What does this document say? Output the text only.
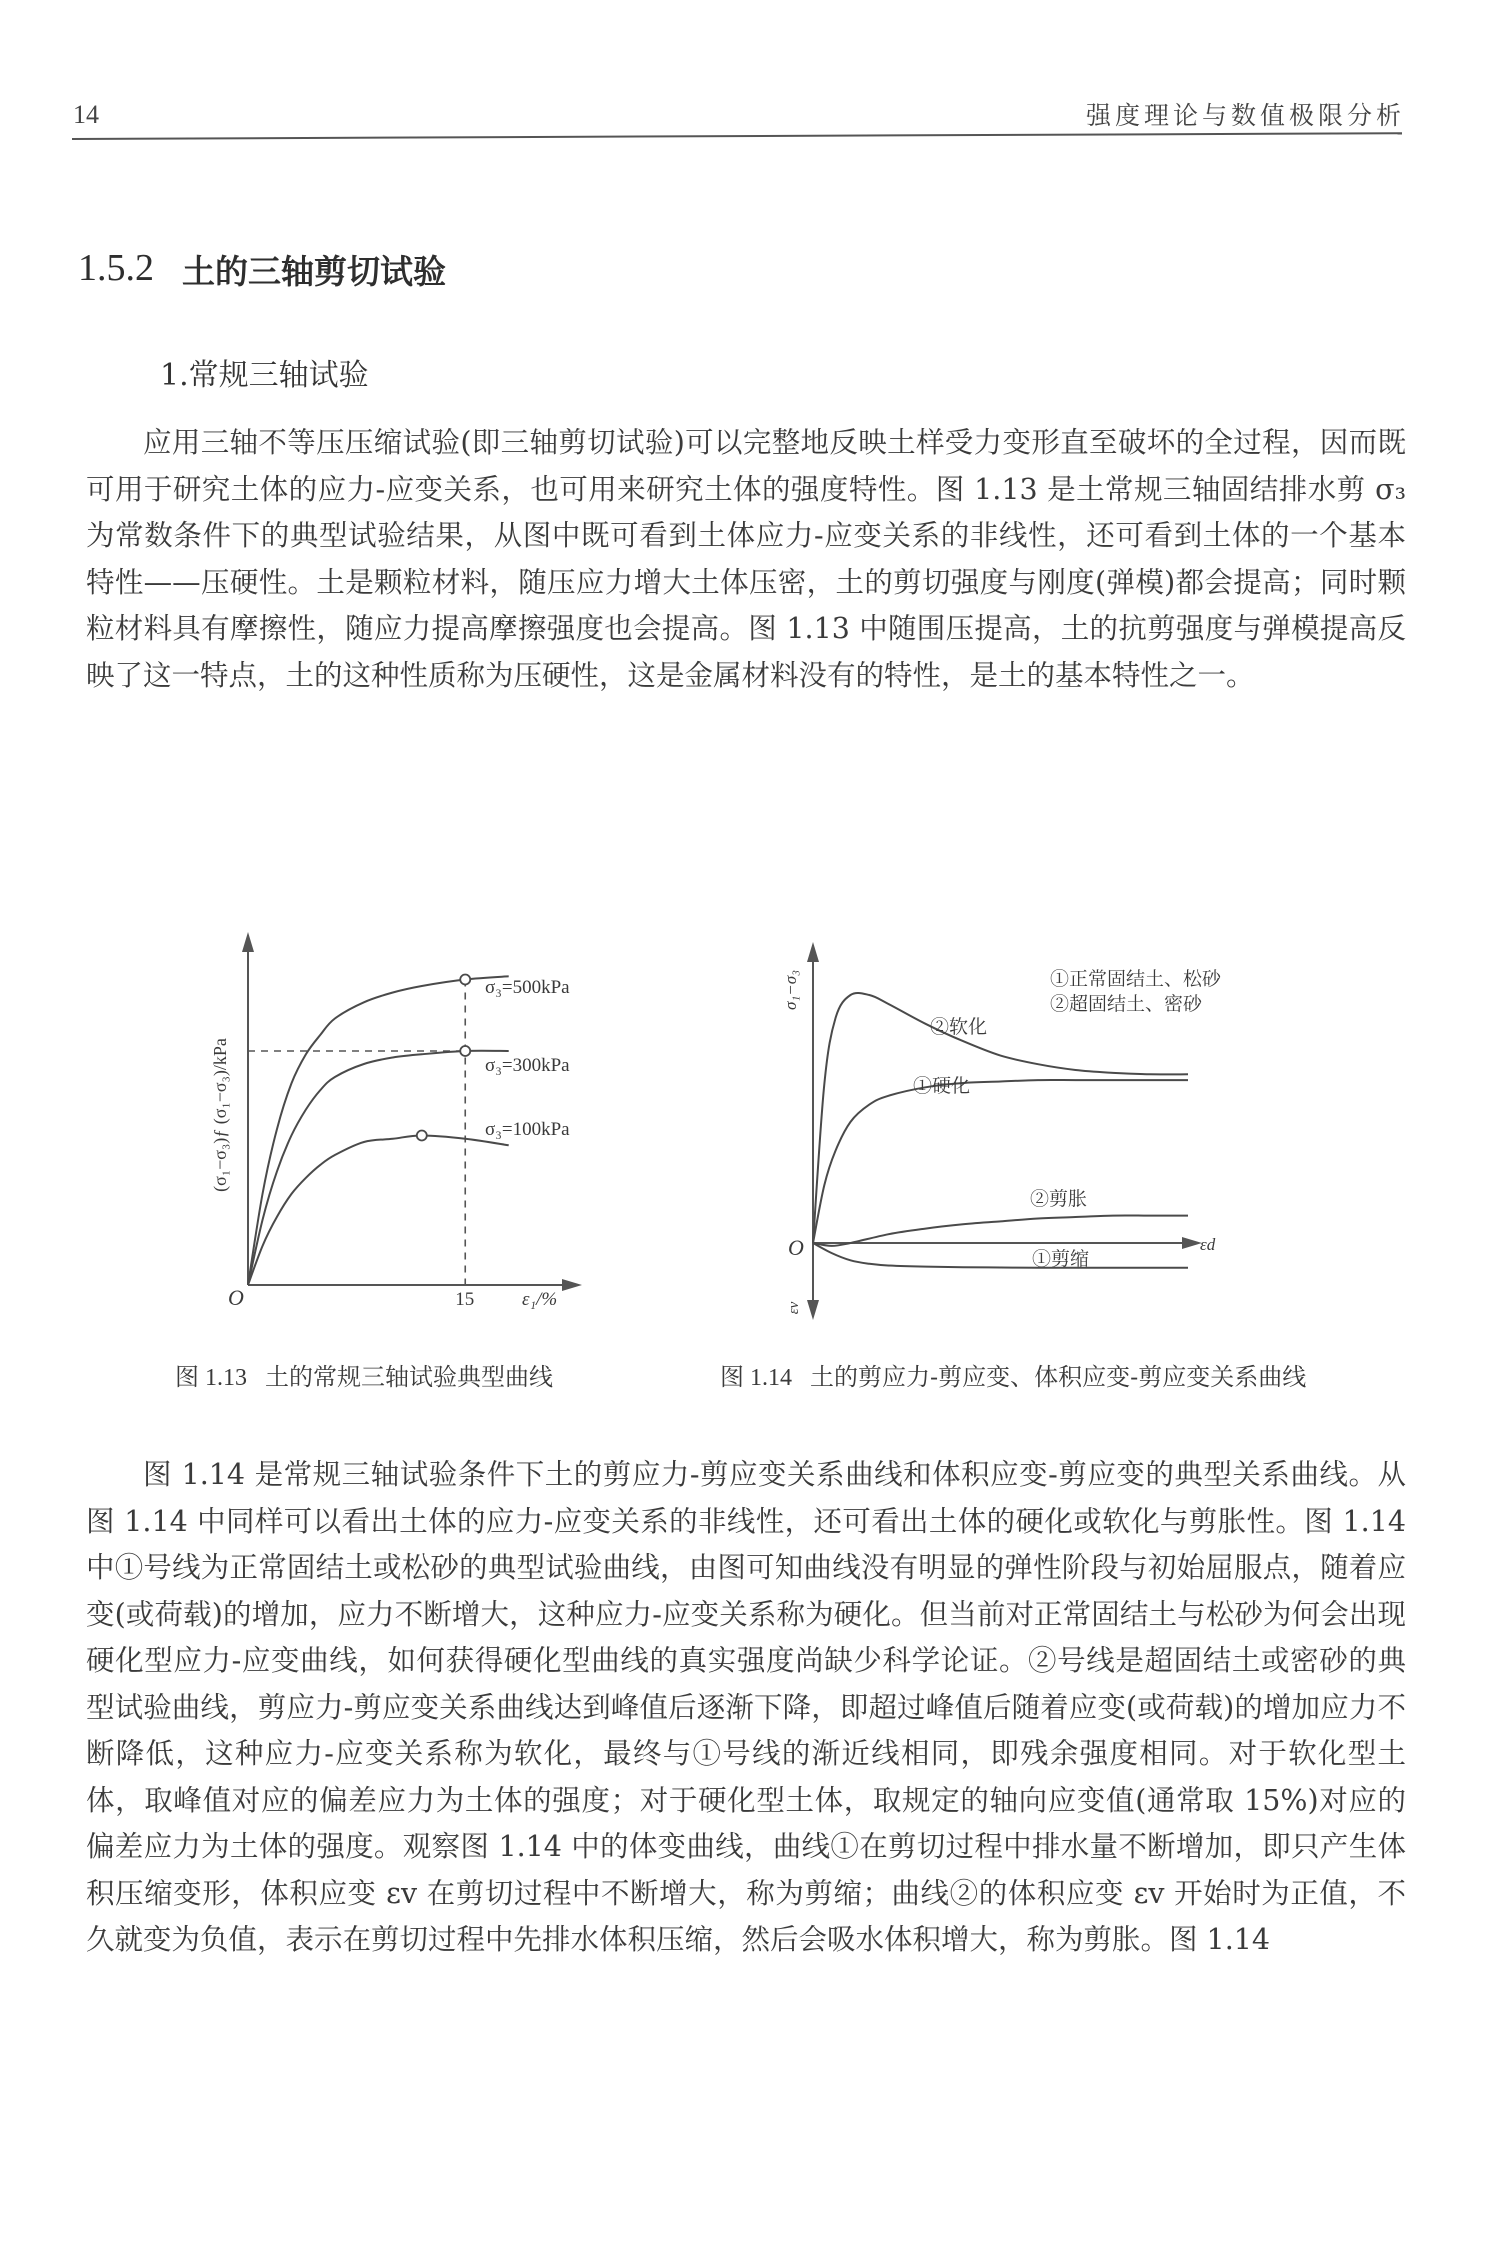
14	强度理论与数值极限分析
1.5.2 土的三轴剪切试验
1.常规三轴试验

应用三轴不等压压缩试验(即三轴剪切试验)可以完整地反映土样受力变形直至破坏的全过程，因而既可用于研究土体的应力-应变关系，也可用来研究土体的强度特性。图 1.13 是土常规三轴固结排水剪 σ₃ 为常数条件下的典型试验结果，从图中既可看到土体应力-应变关系的非线性，还可看到土体的一个基本特性——压硬性。土是颗粒材料，随压应力增大土体压密，土的剪切强度与刚度(弹模)都会提高；同时颗粒材料具有摩擦性，随应力提高摩擦强度也会提高。图 1.13 中随围压提高，土的抗剪强度与弹模提高反映了这一特点，土的这种性质称为压硬性，这是金属材料没有的特性，是土的基本特性之一。

σ₃=500kPa
σ₃=300kPa
σ₃=100kPa
O	15	ε₁/%
(σ₁−σ₃)ƒ (σ₁−σ₃)/kPa
②软化
①硬化
②剪胀
①剪缩
O	εd
σ₁−σ₃
εv
①正常固结土、松砂
②超固结土、密砂
图 1.13 土的常规三轴试验典型曲线	图 1.14 土的剪应力-剪应变、体积应变-剪应变关系曲线

图 1.14 是常规三轴试验条件下土的剪应力-剪应变关系曲线和体积应变-剪应变的典型关系曲线。从图 1.14 中同样可以看出土体的应力-应变关系的非线性，还可看出土体的硬化或软化与剪胀性。图 1.14 中①号线为正常固结土或松砂的典型试验曲线，由图可知曲线没有明显的弹性阶段与初始屈服点，随着应变(或荷载)的增加，应力不断增大，这种应力-应变关系称为硬化。但当前对正常固结土与松砂为何会出现硬化型应力-应变曲线，如何获得硬化型曲线的真实强度尚缺少科学论证。②号线是超固结土或密砂的典型试验曲线，剪应力-剪应变关系曲线达到峰值后逐渐下降，即超过峰值后随着应变(或荷载)的增加应力不断降低，这种应力-应变关系称为软化，最终与①号线的渐近线相同，即残余强度相同。对于软化型土体，取峰值对应的偏差应力为土体的强度；对于硬化型土体，取规定的轴向应变值(通常取 15%)对应的偏差应力为土体的强度。观察图 1.14 中的体变曲线，曲线①在剪切过程中排水量不断增加，即只产生体积压缩变形，体积应变 εv 在剪切过程中不断增大，称为剪缩；曲线②的体积应变 εv 开始时为正值，不久就变为负值，表示在剪切过程中先排水体积压缩，然后会吸水体积增大，称为剪胀。图 1.14
